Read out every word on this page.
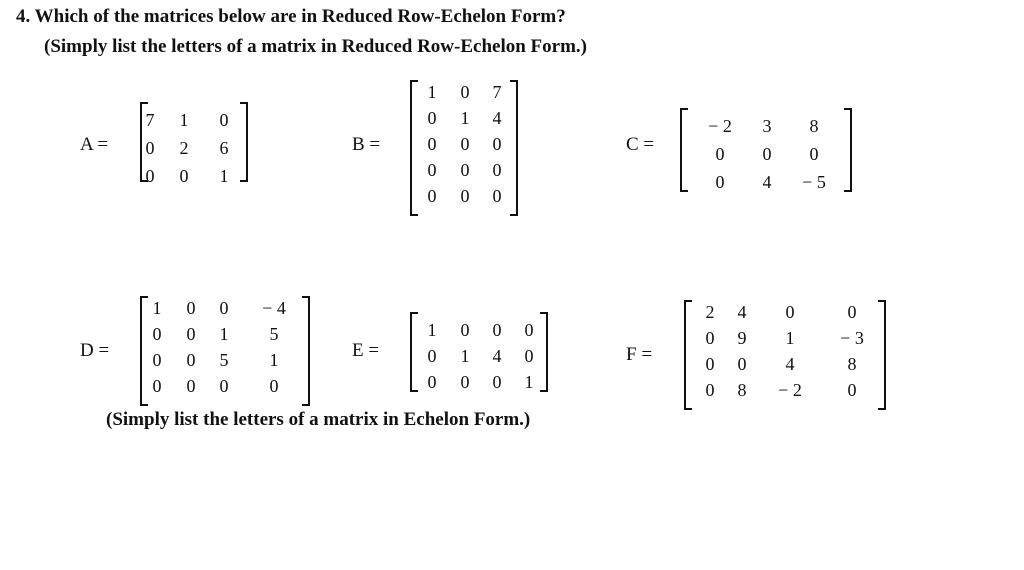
4. Which of the matrices below are in Reduced Row-Echelon Form?
(Simply list the letters of a matrix in Reduced Row-Echelon Form.)
A =
7	1	0
0	2	6
0	0	1
B =
1	0	7
0	1	4
0	0	0
0	0	0
0	0	0
C =
− 2	3	8
0	0	0
0	4	− 5
D =
1	0	0	− 4
0	0	1	5
0	0	5	1
0	0	0	0
E =
1	0	0	0
0	1	4	0
0	0	0	1
F =
2	4	0	0
0	9	1	− 3
0	0	4	8
0	8	− 2	0
(Simply list the letters of a matrix in Echelon Form.)
